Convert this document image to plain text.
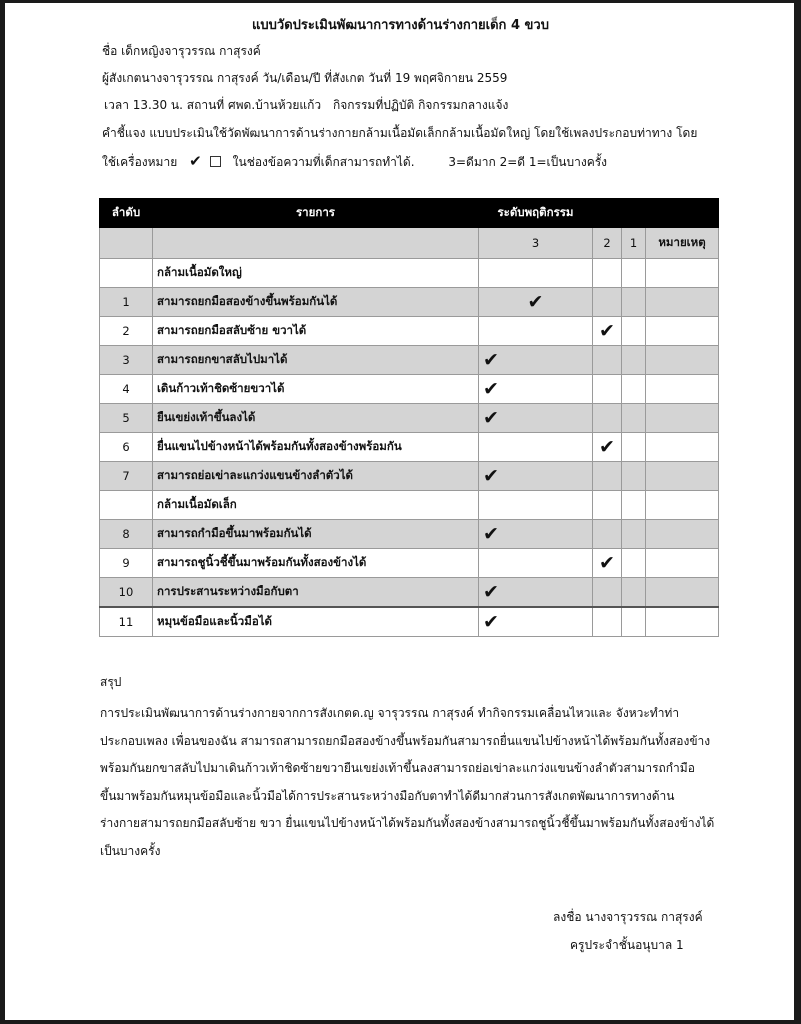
แบบวัดประเมินพัฒนาการทางด้านร่างกายเด็ก 4 ขวบ
ชื่อ เด็กหญิงจารุวรรณ กาสุรงค์
ผู้สังเกตนางจารุวรรณ กาสุรงค์ วัน/เดือน/ปี ที่สังเกต วันที่ 19 พฤศจิกายน 2559
เวลา 13.30 น. สถานที่ ศพด.บ้านห้วยแก้ว กิจกรรมที่ปฏิบัติ กิจกรรมกลางแจ้ง
คำชี้แจง แบบประเมินใช้วัดพัฒนาการด้านร่างกายกล้ามเนื้อมัดเล็กกล้ามเนื้อมัดใหญ่ โดยใช้เพลงประกอบท่าทาง โดย
ใช้เครื่องหมาย ✔	ในช่องข้อความที่เด็กสามารถทำได้.	3=ดีมาก 2=ดี 1=เป็นบางครั้ง
ลำดับ	รายการ	ระดับพฤติกรรม			
		3	2	1	หมายเหตุ
	กล้ามเนื้อมัดใหญ่				
1	สามารถยกมือสองข้างขึ้นพร้อมกันได้	✔			
2	สามารถยกมือสลับซ้าย ขวาได้		✔		
3	สามารถยกขาสลับไปมาได้	✔			
4	เดินก้าวเท้าชิดซ้ายขวาได้	✔			
5	ยืนเขย่งเท้าขึ้นลงได้	✔			
6	ยื่นแขนไปข้างหน้าได้พร้อมกันทั้งสองข้างพร้อมกัน		✔		
7	สามารถย่อเข่าละแกว่งแขนข้างลำตัวได้	✔			
	กล้ามเนื้อมัดเล็ก				
8	สามารถกำมือขึ้นมาพร้อมกันได้	✔			
9	สามารถชูนิ้วชี้ขึ้นมาพร้อมกันทั้งสองข้างได้		✔		
10	การประสานระหว่างมือกับตา	✔			
11	หมุนข้อมือและนิ้วมือได้	✔			
สรุป

การประเมินพัฒนาการด้านร่างกายจากการสังเกตด.ญ จารุวรรณ กาสุรงค์ ทำกิจกรรมเคลื่อนไหวและ จังหวะทำท่า

ประกอบเพลง เพื่อนของฉัน สามารถสามารถยกมือสองข้างขึ้นพร้อมกันสามารถยื่นแขนไปข้างหน้าได้พร้อมกันทั้งสองข้าง

พร้อมกันยกขาสลับไปมาเดินก้าวเท้าชิดซ้ายขวายืนเขย่งเท้าขึ้นลงสามารถย่อเข่าละแกว่งแขนข้างลำตัวสามารถกำมือ

ขึ้นมาพร้อมกันหมุนข้อมือและนิ้วมือได้การประสานระหว่างมือกับตาทำได้ดีมากส่วนการสังเกตพัฒนาการทางด้าน

ร่างกายสามารถยกมือสลับซ้าย ขวา ยื่นแขนไปข้างหน้าได้พร้อมกันทั้งสองข้างสามารถชูนิ้วชี้ขึ้นมาพร้อมกันทั้งสองข้างได้

เป็นบางครั้ง

ลงชื่อ นางจารุวรรณ กาสุรงค์
ครูประจำชั้นอนุบาล 1
